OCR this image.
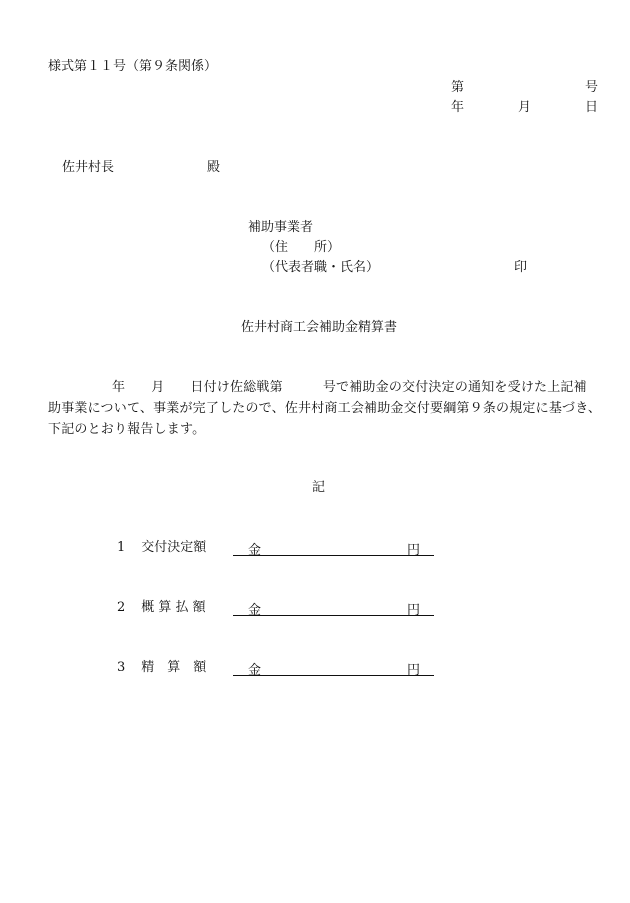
様式第１１号（第９条関係）
第	号
年	月	日
佐井村長	殿
補助事業者
（住　　所）
（代表者職・氏名）	印
佐井村商工会補助金精算書
年 月 日付け佐総戦第	号で補助金の交付決定の通知を受けた上記補
助事業について、事業が完了したので、佐井村商工会補助金交付要綱第９条の規定に基づき、
下記のとおり報告します。
記
1 交付決定額	金	円
2 概 算 払 額	金	円
3 精　算　額	金	円
